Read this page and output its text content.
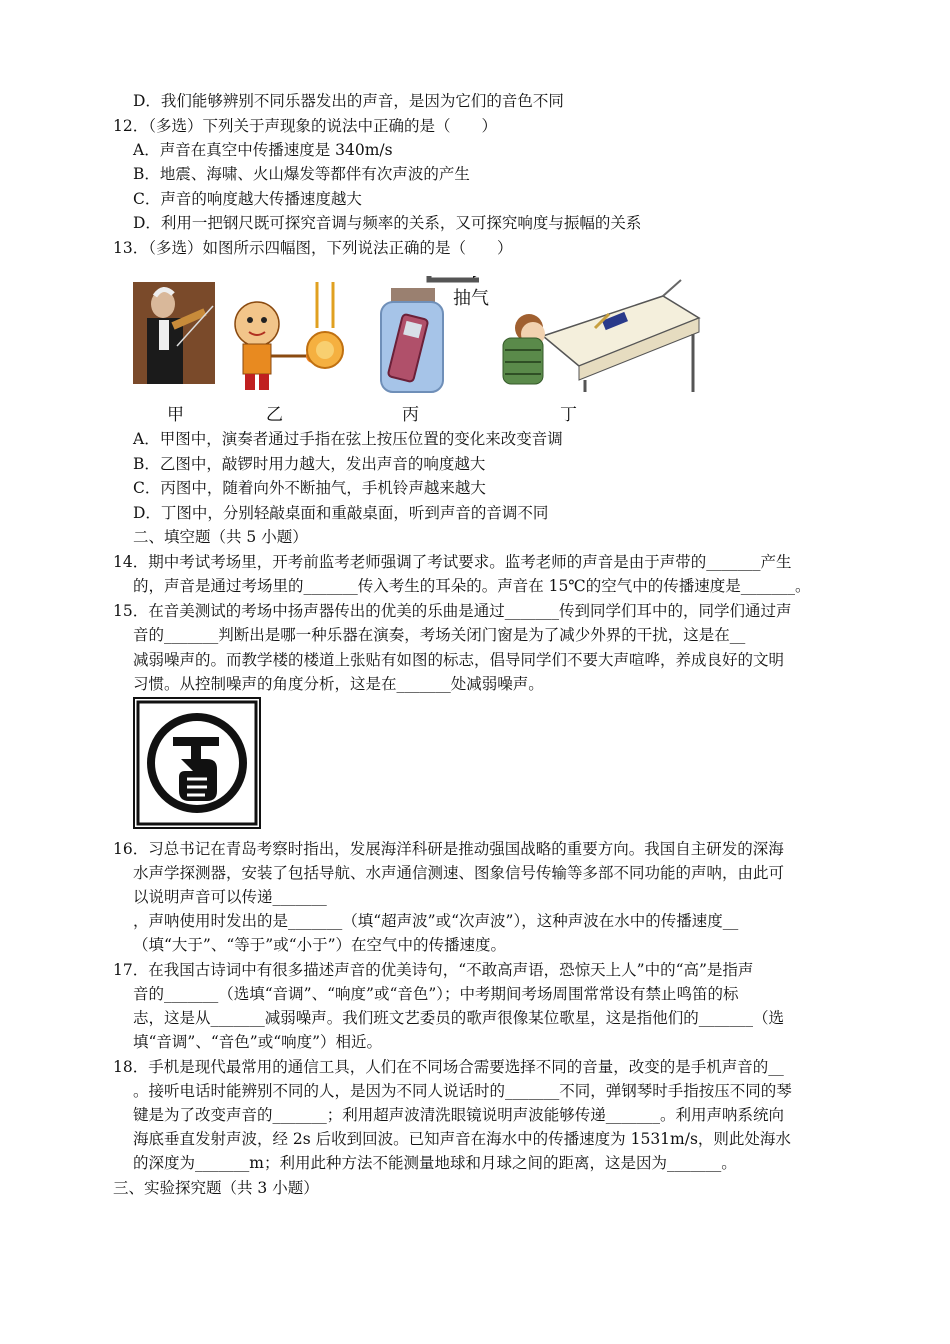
D．我们能够辨别不同乐器发出的声音，是因为它们的音色不同
12．（多选）下列关于声现象的说法中正确的是（　　）
A．声音在真空中传播速度是 340m/s
B．地震、海啸、火山爆发等都伴有次声波的产生
C．声音的响度越大传播速度越大
D．利用一把钢尺既可探究音调与频率的关系，又可探究响度与振幅的关系
13．（多选）如图所示四幅图，下列说法正确的是（　　）
抽气
甲	乙	丙	丁
A．甲图中，演奏者通过手指在弦上按压位置的变化来改变音调
B．乙图中，敲锣时用力越大，发出声音的响度越大
C．丙图中，随着向外不断抽气，手机铃声越来越大
D．丁图中，分别轻敲桌面和重敲桌面，听到声音的音调不同
二、填空题（共 5 小题）
14．期中考试考场里，开考前监考老师强调了考试要求。监考老师的声音是由于声带的_______产生
的，声音是通过考场里的_______传入考生的耳朵的。声音在 15℃的空气中的传播速度是_______。
15．在音美测试的考场中扬声器传出的优美的乐曲是通过_______传到同学们耳中的，同学们通过声
音的_______判断出是哪一种乐器在演奏，考场关闭门窗是为了减少外界的干扰，这是在__
减弱噪声的。而教学楼的楼道上张贴有如图的标志，倡导同学们不要大声喧哗，养成良好的文明
习惯。从控制噪声的角度分析，这是在_______处减弱噪声。
16．习总书记在青岛考察时指出，发展海洋科研是推动强国战略的重要方向。我国自主研发的深海
水声学探测器，安装了包括导航、水声通信测速、图象信号传输等多部不同功能的声呐，由此可
以说明声音可以传递_______
，声呐使用时发出的是_______（填“超声波”或“次声波”），这种声波在水中的传播速度__
（填“大于”、“等于”或“小于”）在空气中的传播速度。
17．在我国古诗词中有很多描述声音的优美诗句，“不敢高声语，恐惊天上人”中的“高”是指声
音的_______（选填“音调”、“响度”或“音色”）；中考期间考场周围常常设有禁止鸣笛的标
志，这是从_______减弱噪声。我们班文艺委员的歌声很像某位歌星，这是指他们的_______（选
填“音调”、“音色”或“响度”）相近。
18．手机是现代最常用的通信工具，人们在不同场合需要选择不同的音量，改变的是手机声音的__
。接听电话时能辨别不同的人，是因为不同人说话时的_______不同，弹钢琴时手指按压不同的琴
键是为了改变声音的_______；利用超声波清洗眼镜说明声波能够传递_______。利用声呐系统向
海底垂直发射声波，经 2s 后收到回波。已知声音在海水中的传播速度为 1531m/s，则此处海水
的深度为_______m；利用此种方法不能测量地球和月球之间的距离，这是因为_______。
三、实验探究题（共 3 小题）
